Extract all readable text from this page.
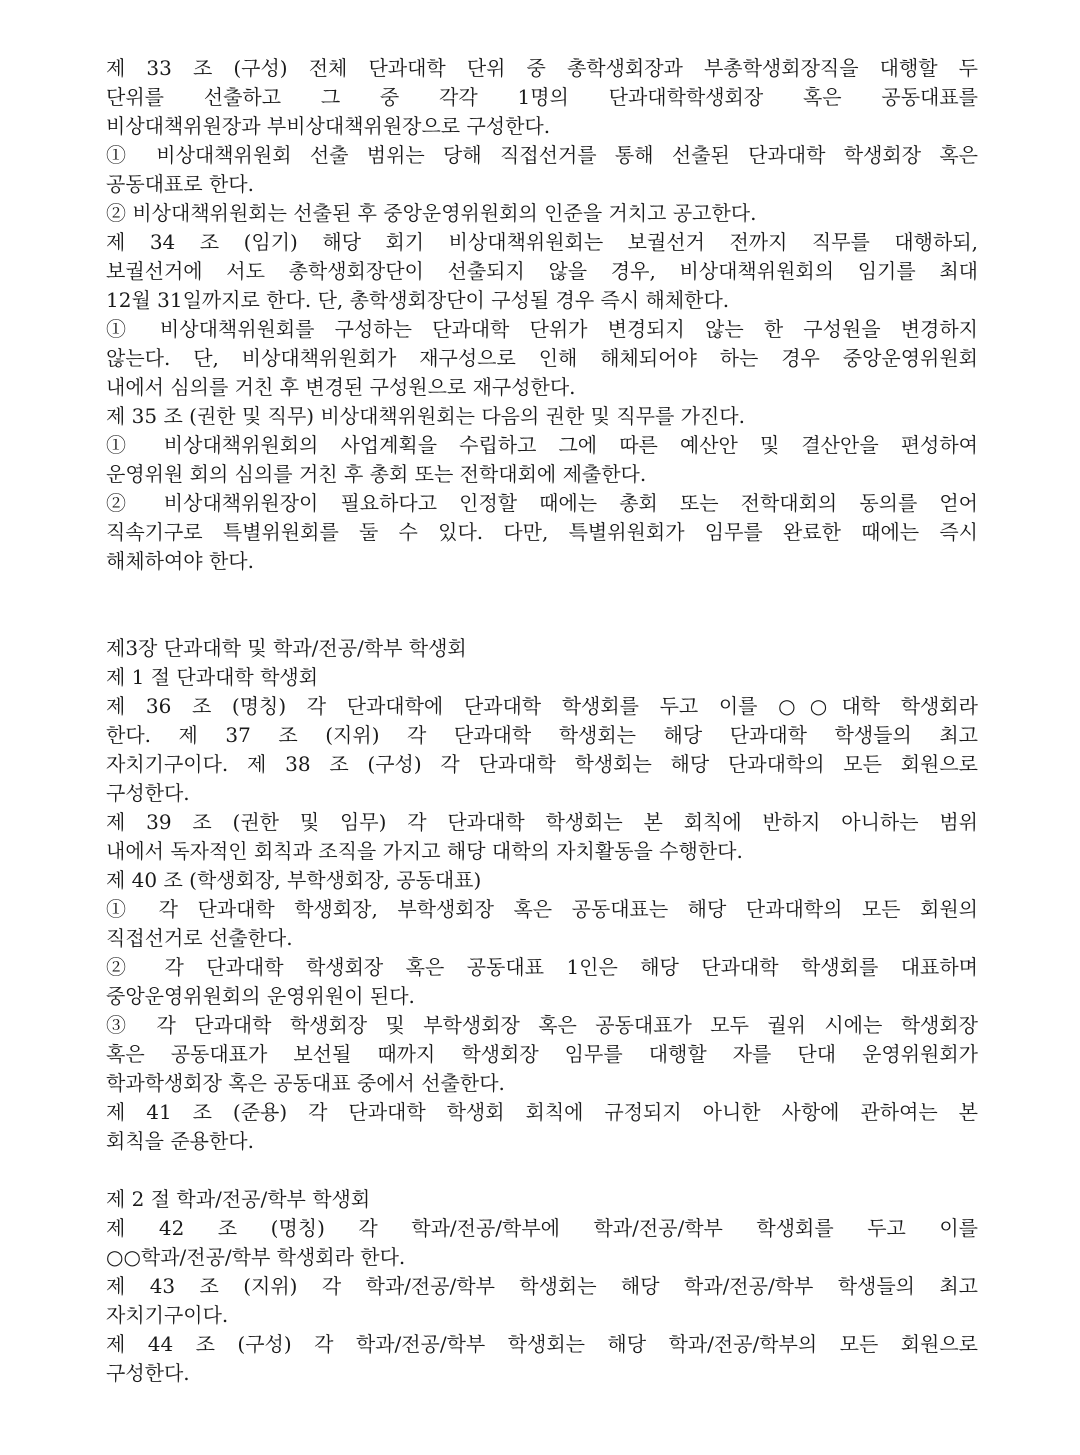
제 33 조 (구성) 전체 단과대학 단위 중 총학생회장과 부총학생회장직을 대행할 두
단위를 선출하고 그 중 각각 1명의 단과대학학생회장 혹은 공동대표를
비상대책위원장과 부비상대책위원장으로 구성한다.
① 비상대책위원회 선출 범위는 당해 직접선거를 통해 선출된 단과대학 학생회장 혹은
공동대표로 한다.
② 비상대책위원회는 선출된 후 중앙운영위원회의 인준을 거치고 공고한다.
제 34 조 (임기) 해당 회기 비상대책위원회는 보궐선거 전까지 직무를 대행하되,
보궐선거에 서도 총학생회장단이 선출되지 않을 경우, 비상대책위원회의 임기를 최대
12월 31일까지로 한다. 단, 총학생회장단이 구성될 경우 즉시 해체한다.
① 비상대책위원회를 구성하는 단과대학 단위가 변경되지 않는 한 구성원을 변경하지
않는다. 단, 비상대책위원회가 재구성으로 인해 해체되어야 하는 경우 중앙운영위원회
내에서 심의를 거친 후 변경된 구성원으로 재구성한다.
제 35 조 (권한 및 직무) 비상대책위원회는 다음의 권한 및 직무를 가진다.
① 비상대책위원회의 사업계획을 수립하고 그에 따른 예산안 및 결산안을 편성하여
운영위원 회의 심의를 거친 후 총회 또는 전학대회에 제출한다.
② 비상대책위원장이 필요하다고 인정할 때에는 총회 또는 전학대회의 동의를 얻어
직속기구로 특별위원회를 둘 수 있다. 다만, 특별위원회가 임무를 완료한 때에는 즉시
해체하여야 한다.
제3장 단과대학 및 학과/전공/학부 학생회
제 1 절 단과대학 학생회
제 36 조 (명칭) 각 단과대학에 단과대학 학생회를 두고 이를 ○○대학 학생회라
한다. 제 37 조 (지위) 각 단과대학 학생회는 해당 단과대학 학생들의 최고
자치기구이다. 제 38 조 (구성) 각 단과대학 학생회는 해당 단과대학의 모든 회원으로
구성한다.
제 39 조 (권한 및 임무) 각 단과대학 학생회는 본 회칙에 반하지 아니하는 범위
내에서 독자적인 회칙과 조직을 가지고 해당 대학의 자치활동을 수행한다.
제 40 조 (학생회장, 부학생회장, 공동대표)
① 각 단과대학 학생회장, 부학생회장 혹은 공동대표는 해당 단과대학의 모든 회원의
직접선거로 선출한다.
② 각 단과대학 학생회장 혹은 공동대표 1인은 해당 단과대학 학생회를 대표하며
중앙운영위원회의 운영위원이 된다.
③ 각 단과대학 학생회장 및 부학생회장 혹은 공동대표가 모두 궐위 시에는 학생회장
혹은 공동대표가 보선될 때까지 학생회장 임무를 대행할 자를 단대 운영위원회가
학과학생회장 혹은 공동대표 중에서 선출한다.
제 41 조 (준용) 각 단과대학 학생회 회칙에 규정되지 아니한 사항에 관하여는 본
회칙을 준용한다.
제 2 절 학과/전공/학부 학생회
제 42 조 (명칭) 각 학과/전공/학부에 학과/전공/학부 학생회를 두고 이를
○○학과/전공/학부 학생회라 한다.
제 43 조 (지위) 각 학과/전공/학부 학생회는 해당 학과/전공/학부 학생들의 최고
자치기구이다.
제 44 조 (구성) 각 학과/전공/학부 학생회는 해당 학과/전공/학부의 모든 회원으로
구성한다.
